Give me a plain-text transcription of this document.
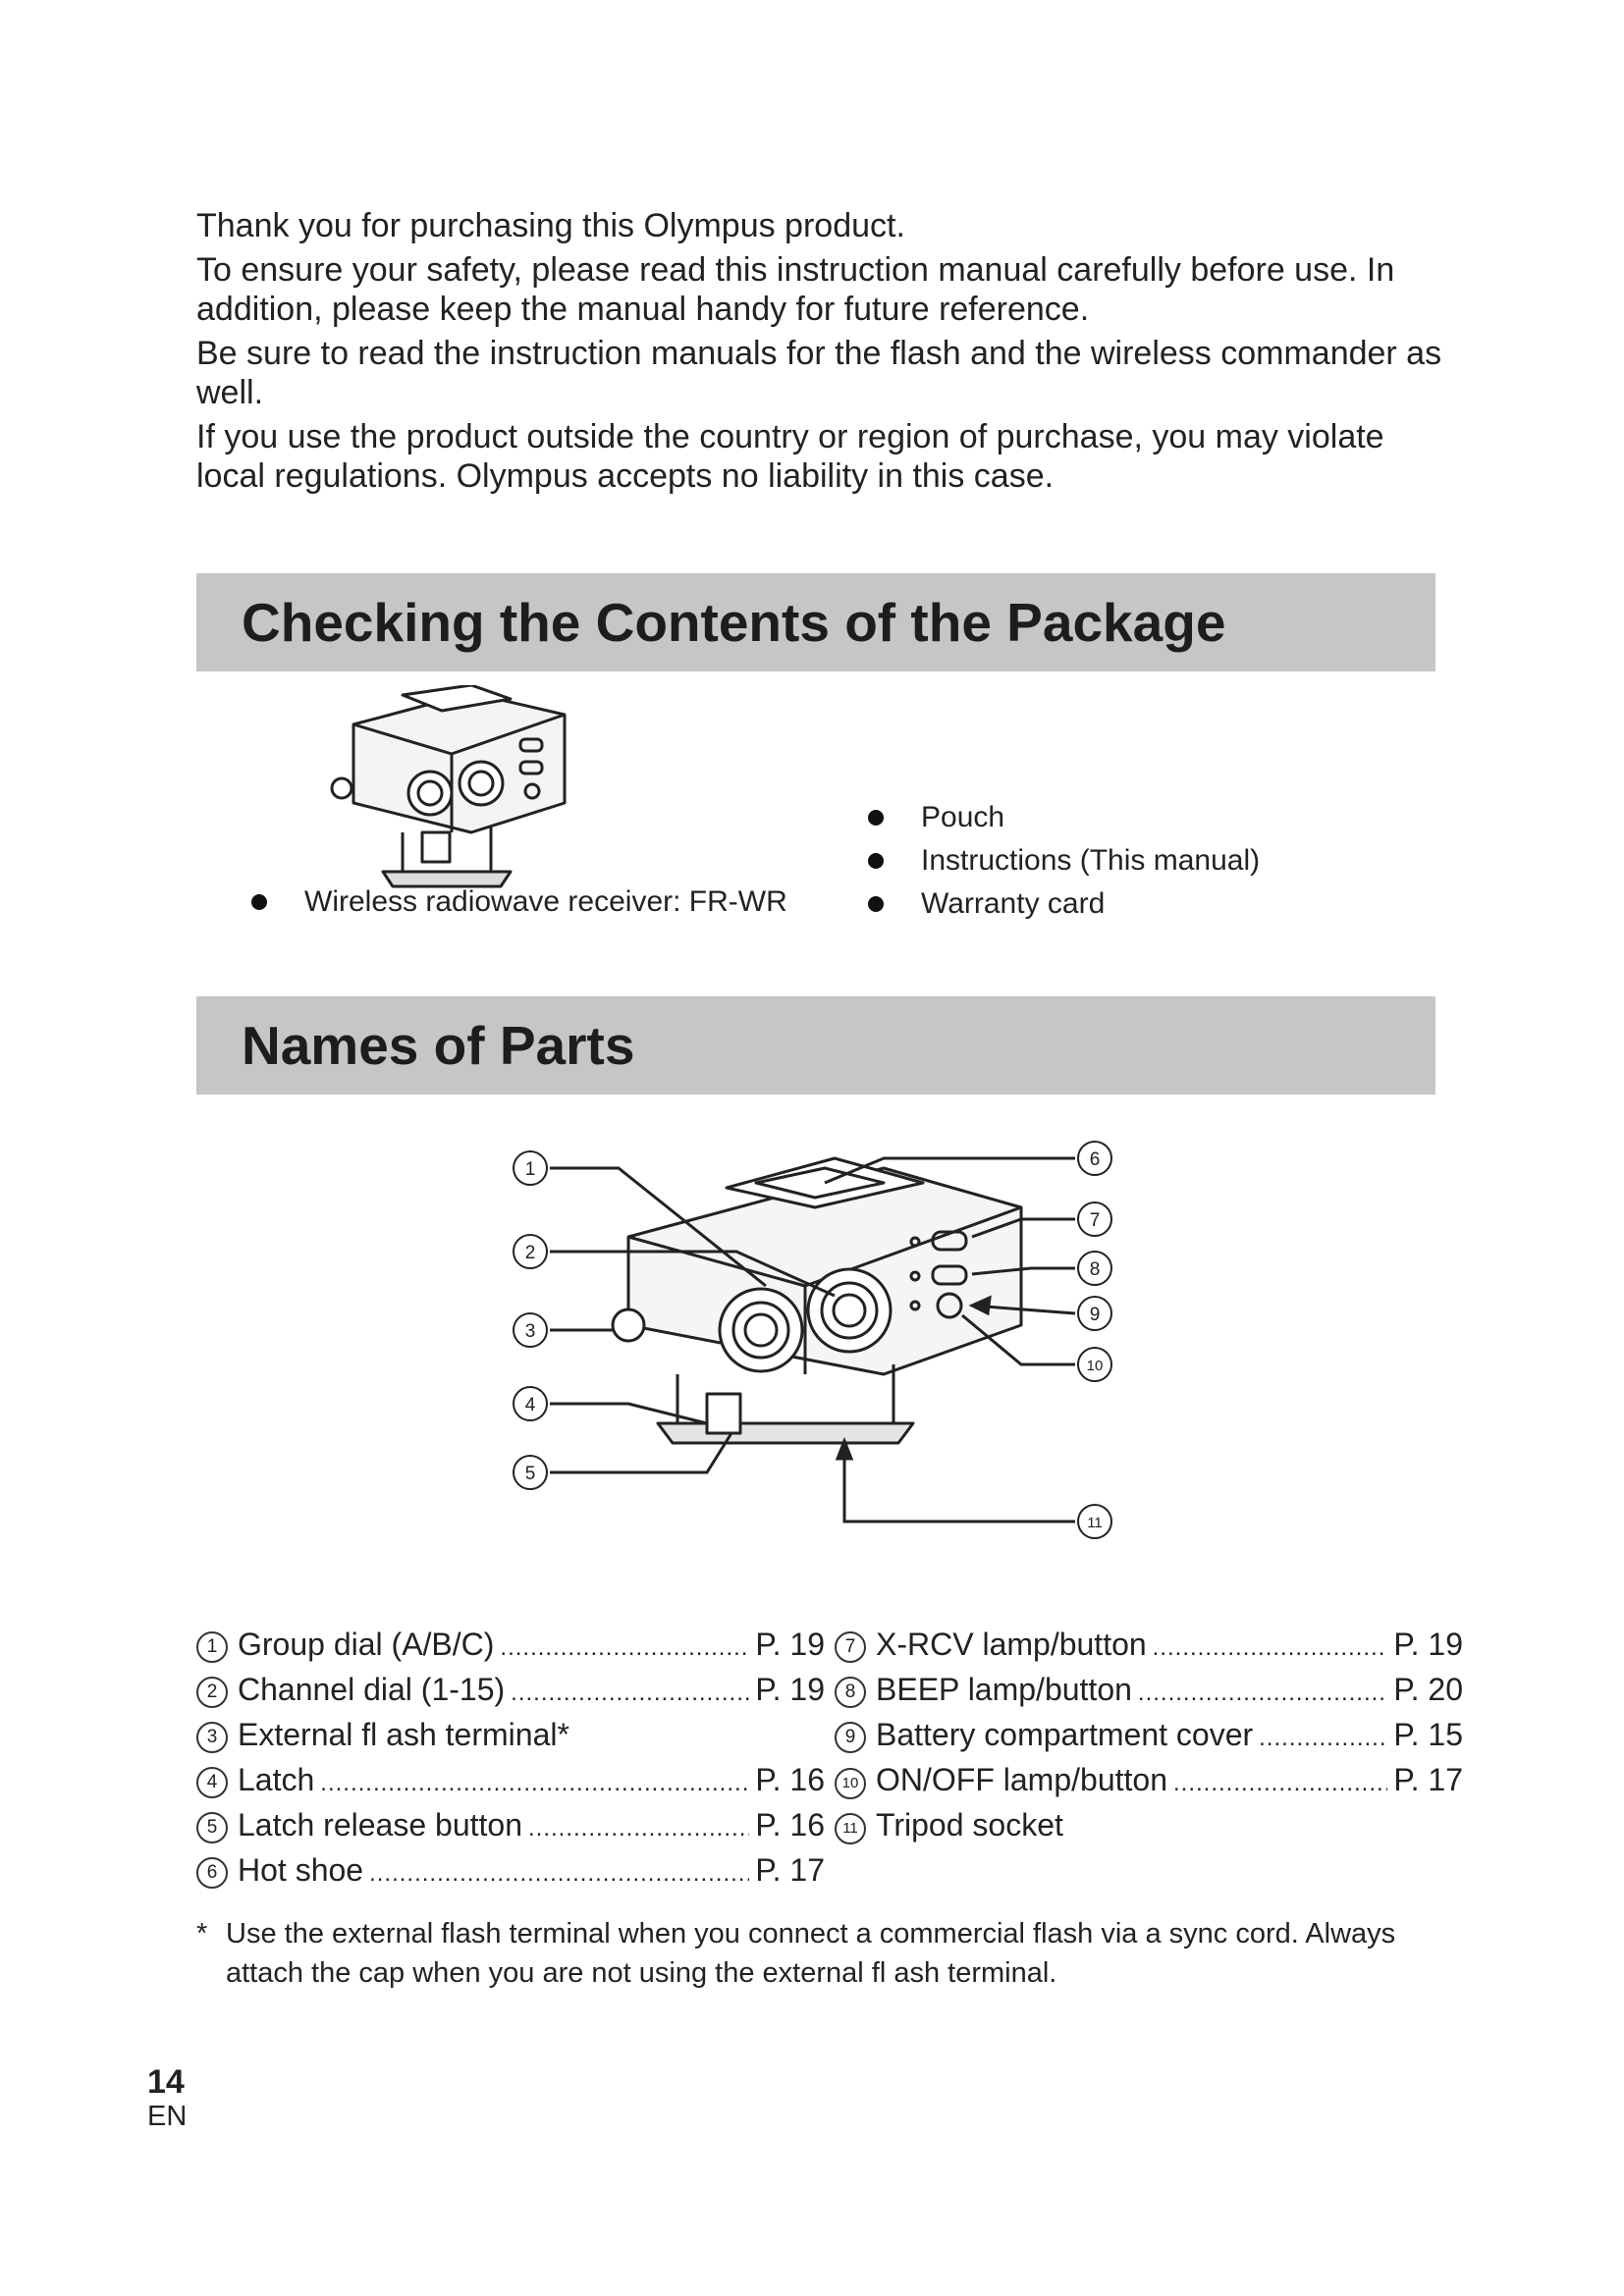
Thank you for purchasing this Olympus product.

To ensure your safety, please read this instruction manual carefully before use. In addition, please keep the manual handy for future reference.

Be sure to read the instruction manuals for the flash and the wireless commander as well.

If you use the product outside the country or region of purchase, you may violate local regulations. Olympus accepts no liability in this case.

Checking the Contents of the Package
Wireless radiowave receiver: FR-WR
Pouch
Instructions (This manual)
Warranty card
Names of Parts
1
2
3
4
5
6
7
8
9
10
11
1 Group dial (A/B/C) .....	P. 19
2 Channel dial (1-15) .....	P. 19
3 External fl ash terminal*
4 Latch .....	P. 16
5 Latch release button .....	P. 16
6 Hot shoe .....	P. 17
7 X-RCV lamp/button .....	P. 19
8 BEEP lamp/button .....	P. 20
9 Battery compartment cover .....	P. 15
10 ON/OFF lamp/button .....	P. 17
11 Tripod socket
* Use the external flash terminal when you connect a commercial flash via a sync cord. Always attach the cap when you are not using the external fl ash terminal.
14
EN
